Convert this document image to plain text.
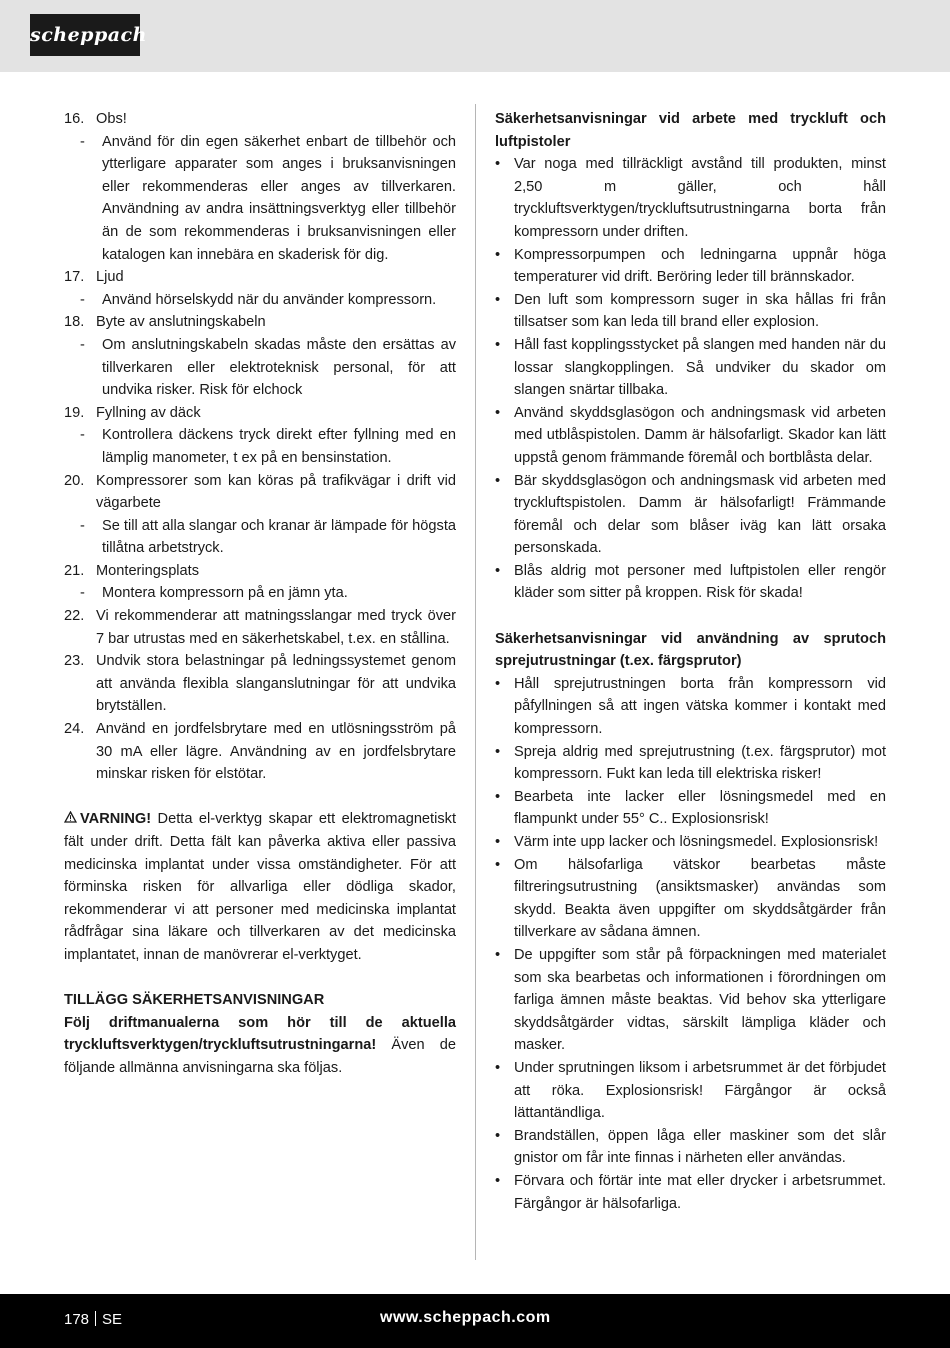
scheppach
16. Obs!
-	Använd för din egen säkerhet enbart de tillbehör och ytterligare apparater som anges i bruksanvisningen eller rekommenderas eller anges av tillverkaren. Användning av andra insättningsverktyg eller tillbehör än de som rekommenderas i bruksanvisningen eller katalogen kan innebära en skaderisk för dig.
17. Ljud
-	Använd hörselskydd när du använder kompressorn.
18. Byte av anslutningskabeln
-	Om anslutningskabeln skadas måste den ersättas av tillverkaren eller elektroteknisk personal, för att undvika risker. Risk för elchock
19. Fyllning av däck
-	Kontrollera däckens tryck direkt efter fyllning med en lämplig manometer, t ex på en bensinstation.
20. Kompressorer som kan köras på trafikvägar i drift vid vägarbete
-	Se till att alla slangar och kranar är lämpade för högsta tillåtna arbetstryck.
21. Monteringsplats
-	Montera kompressorn på en jämn yta.
22. Vi rekommenderar att matningsslangar med tryck över 7 bar utrustas med en säkerhetskabel, t.ex. en stållina.
23. Undvik stora belastningar på ledningssystemet genom att använda flexibla slanganslutningar för att undvika brytställen.
24. Använd en jordfelsbrytare med en utlösningsström på 30 mA eller lägre. Användning av en jordfelsbrytare minskar risken för elstötar.
VARNING! Detta el-verktyg skapar ett elektromagnetiskt fält under drift. Detta fält kan påverka aktiva eller passiva medicinska implantat under vissa omständigheter. För att förminska risken för allvarliga eller dödliga skador, rekommenderar vi att personer med medicinska implantat rådfrågar sina läkare och tillverkaren av det medicinska implantatet, innan de manövrerar el-verktyget.
TILLÄGG SÄKERHETSANVISNINGAR
Följ driftmanualerna som hör till de aktuella tryckluftsverktygen/tryckluftsutrustningarna! Även de följande allmänna anvisningarna ska följas.
Säkerhetsanvisningar vid arbete med tryckluft och luftpistoler
• Var noga med tillräckligt avstånd till produkten, minst 2,50 m gäller, och håll tryckluftsverktygen/tryckluftsutrustningarna borta från kompressorn under driften.
• Kompressorpumpen och ledningarna uppnår höga temperaturer vid drift. Beröring leder till brännskador.
• Den luft som kompressorn suger in ska hållas fri från tillsatser som kan leda till brand eller explosion.
• Håll fast kopplingsstycket på slangen med handen när du lossar slangkopplingen. Så undviker du skador om slangen snärtar tillbaka.
• Använd skyddsglasögon och andningsmask vid arbeten med utblåspistolen. Damm är hälsofarligt. Skador kan lätt uppstå genom främmande föremål och bortblåsta delar.
• Bär skyddsglasögon och andningsmask vid arbeten med tryckluftspistolen. Damm är hälsofarligt! Främmande föremål och delar som blåser iväg kan lätt orsaka personskada.
• Blås aldrig mot personer med luftpistolen eller rengör kläder som sitter på kroppen. Risk för skada!
Säkerhetsanvisningar vid användning av sprutoch sprejutrustningar (t.ex. färgsprutor)
• Håll sprejutrustningen borta från kompressorn vid påfyllningen så att ingen vätska kommer i kontakt med kompressorn.
• Spreja aldrig med sprejutrustning (t.ex. färgsprutor) mot kompressorn. Fukt kan leda till elektriska risker!
• Bearbeta inte lacker eller lösningsmedel med en flampunkt under 55° C.. Explosionsrisk!
• Värm inte upp lacker och lösningsmedel. Explosionsrisk!
• Om hälsofarliga vätskor bearbetas måste filtreringsutrustning (ansiktsmasker) användas som skydd. Beakta även uppgifter om skyddsåtgärder från tillverkare av sådana ämnen.
• De uppgifter som står på förpackningen med materialet som ska bearbetas och informationen i förordningen om farliga ämnen måste beaktas. Vid behov ska ytterligare skyddsåtgärder vidtas, särskilt lämpliga kläder och masker.
• Under sprutningen liksom i arbetsrummet är det förbjudet att röka. Explosionsrisk! Färgångor är också lättantändliga.
• Brandställen, öppen låga eller maskiner som det slår gnistor om får inte finnas i närheten eller användas.
• Förvara och förtär inte mat eller drycker i arbetsrummet. Färgångor är hälsofarliga.
178 SE	www.scheppach.com
